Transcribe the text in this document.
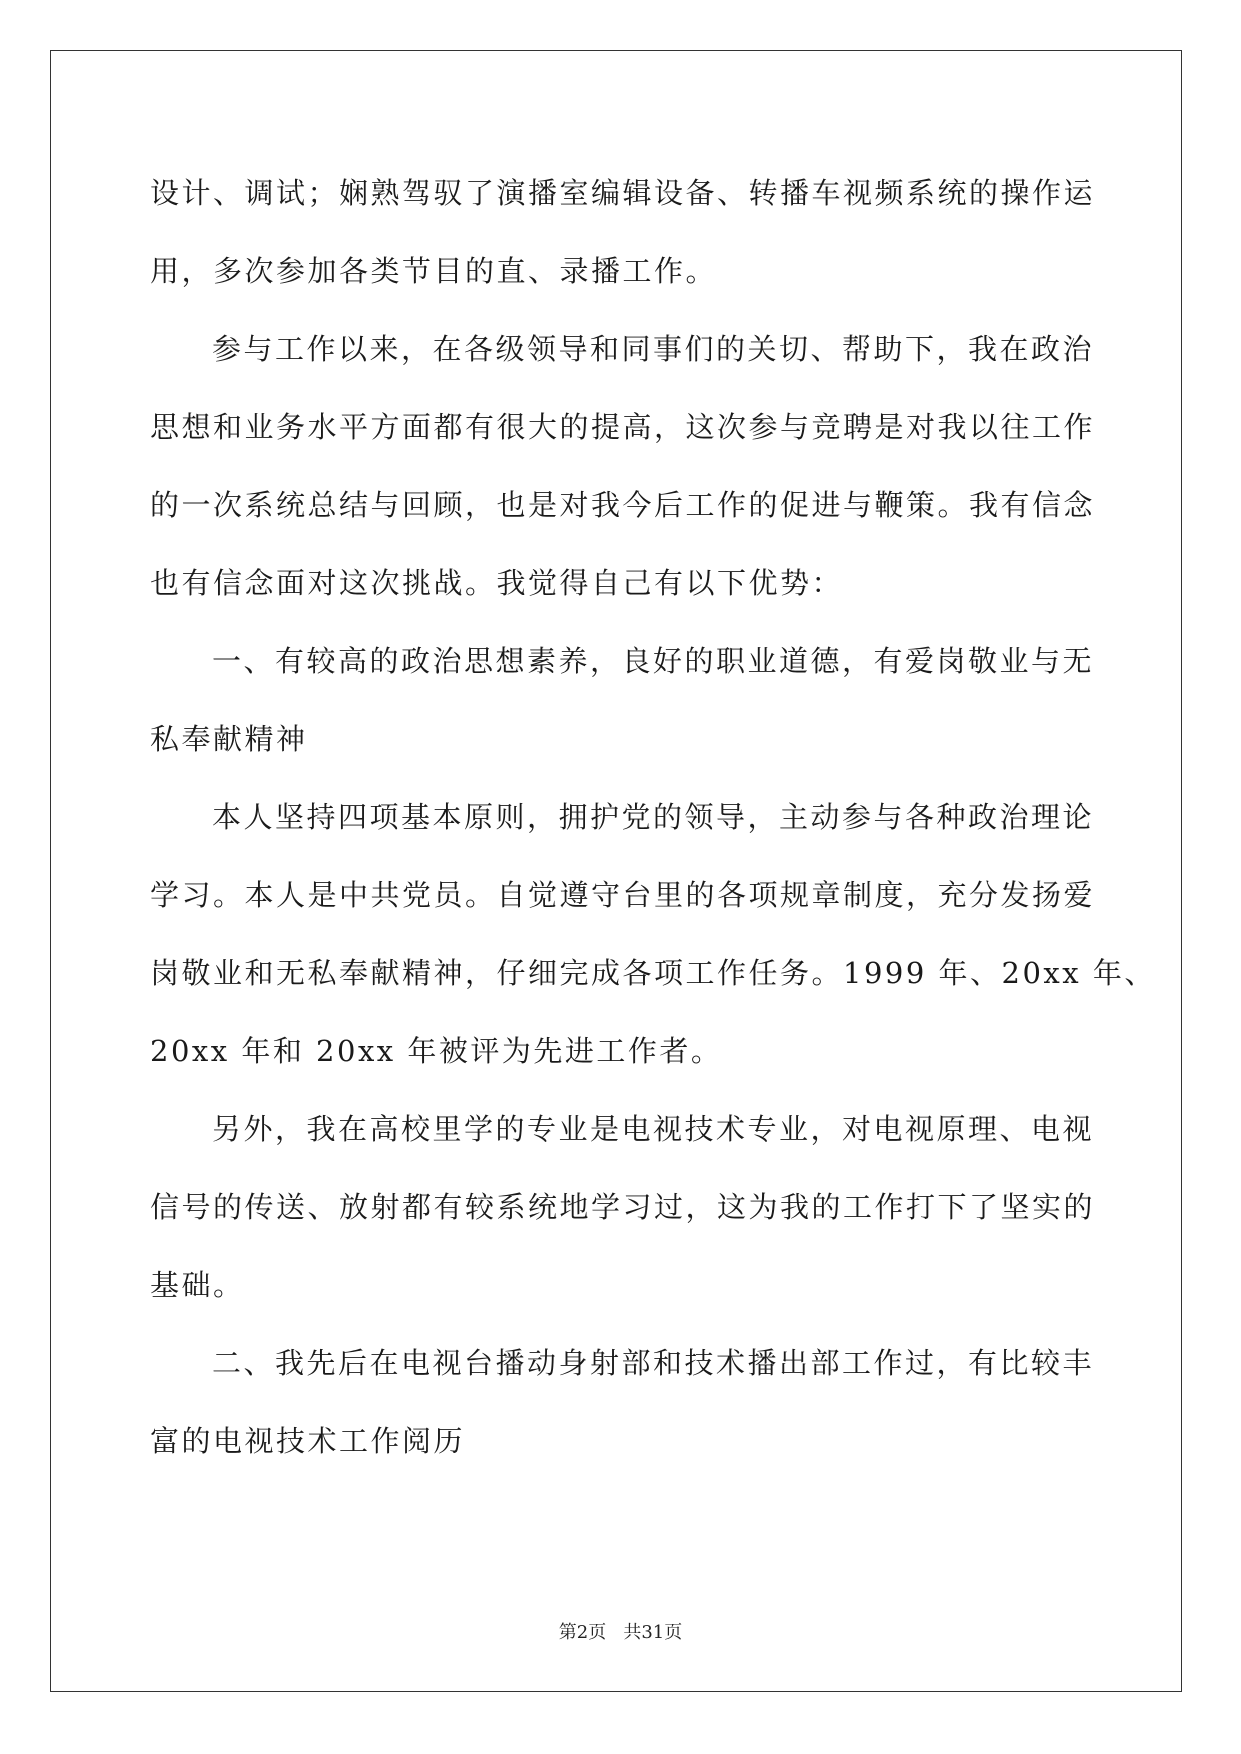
设计、调试；娴熟驾驭了演播室编辑设备、转播车视频系统的操作运
用，多次参加各类节目的直、录播工作。
参与工作以来，在各级领导和同事们的关切、帮助下，我在政治
思想和业务水平方面都有很大的提高，这次参与竞聘是对我以往工作
的一次系统总结与回顾，也是对我今后工作的促进与鞭策。我有信念
也有信念面对这次挑战。我觉得自己有以下优势：
一、有较高的政治思想素养，良好的职业道德，有爱岗敬业与无
私奉献精神
本人坚持四项基本原则，拥护党的领导，主动参与各种政治理论
学习。本人是中共党员。自觉遵守台里的各项规章制度，充分发扬爱
岗敬业和无私奉献精神，仔细完成各项工作任务。1999 年、20xx 年、
20xx 年和 20xx 年被评为先进工作者。
另外，我在高校里学的专业是电视技术专业，对电视原理、电视
信号的传送、放射都有较系统地学习过，这为我的工作打下了坚实的
基础。
二、我先后在电视台播动身射部和技术播出部工作过，有比较丰
富的电视技术工作阅历
第2页 共31页
